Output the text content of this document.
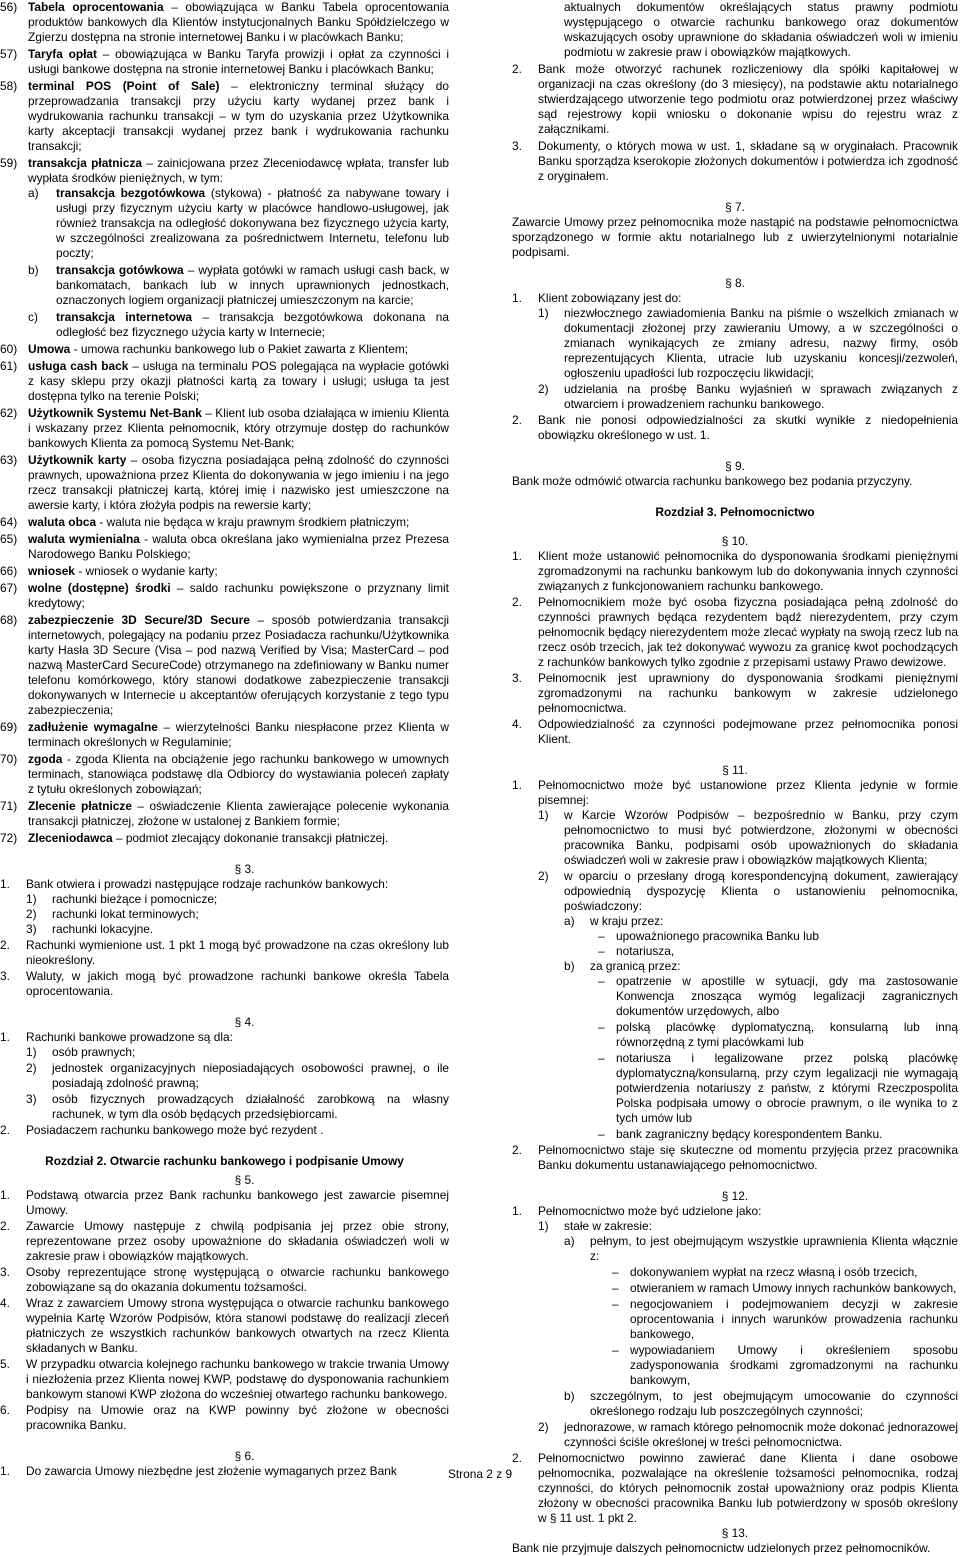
56) Tabela oprocentowania – obowiązująca w Banku Tabela oprocentowania produktów bankowych dla Klientów instytucjonalnych Banku Spółdzielczego w Zgierzu dostępna na stronie internetowej Banku i w placówkach Banku;
57) Taryfa opłat – obowiązująca w Banku Taryfa prowizji i opłat za czynności i usługi bankowe dostępna na stronie internetowej Banku i placówkach Banku;
58) terminal POS (Point of Sale) – elektroniczny terminal służący do przeprowadzania transakcji przy użyciu karty wydanej przez bank i wydrukowania rachunku transakcji – w tym do uzyskania przez Użytkownika karty akceptacji transakcji wydanej przez bank i wydrukowania rachunku transakcji;
59) transakcja płatnicza – zainicjowana przez Zleceniodawcę wpłata, transfer lub wypłata środków pieniężnych, w tym:
a) transakcja bezgotówkowa (stykowa) - płatność za nabywane towary i usługi przy fizycznym użyciu karty w placówce handlowo-usługowej, jak również transakcja na odległość dokonywana bez fizycznego użycia karty, w szczególności zrealizowana za pośrednictwem Internetu, telefonu lub poczty;
b) transakcja gotówkowa – wypłata gotówki w ramach usługi cash back, w bankomatach, bankach lub w innych uprawnionych jednostkach, oznaczonych logiem organizacji płatniczej umieszczonym na karcie;
c) transakcja internetowa – transakcja bezgotówkowa dokonana na odległość bez fizycznego użycia karty w Internecie;
60) Umowa - umowa rachunku bankowego lub o Pakiet zawarta z Klientem;
61) usługa cash back – usługa na terminalu POS polegająca na wypłacie gotówki z kasy sklepu przy okazji płatności kartą za towary i usługi; usługa ta jest dostępna tylko na terenie Polski;
62) Użytkownik Systemu Net-Bank – Klient lub osoba działająca w imieniu Klienta i wskazany przez Klienta pełnomocnik, który otrzymuje dostęp do rachunków bankowych Klienta za pomocą Systemu Net-Bank;
63) Użytkownik karty – osoba fizyczna posiadająca pełną zdolność do czynności prawnych, upoważniona przez Klienta do dokonywania w jego imieniu i na jego rzecz transakcji płatniczej kartą, której imię i nazwisko jest umieszczone na awersie karty, i która złożyła podpis na rewersie karty;
64) waluta obca - waluta nie będąca w kraju prawnym środkiem płatniczym;
65) waluta wymienialna - waluta obca określana jako wymienialna przez Prezesa Narodowego Banku Polskiego;
66) wniosek - wniosek o wydanie karty;
67) wolne (dostępne) środki – saldo rachunku powiększone o przyznany limit kredytowy;
68) zabezpieczenie 3D Secure/3D Secure – sposób potwierdzania transakcji internetowych, polegający na podaniu przez Posiadacza rachunku/Użytkownika karty Hasła 3D Secure (Visa – pod nazwą Verified by Visa; MasterCard – pod nazwą MasterCard SecureCode) otrzymanego na zdefiniowany w Banku numer telefonu komórkowego, który stanowi dodatkowe zabezpieczenie transakcji dokonywanych w Internecie u akceptantów oferujących korzystanie z tego typu zabezpieczenia;
69) zadłużenie wymagalne – wierzytelności Banku niespłacone przez Klienta w terminach określonych w Regulaminie;
70) zgoda - zgoda Klienta na obciążenie jego rachunku bankowego w umownych terminach, stanowiąca podstawę dla Odbiorcy do wystawiania poleceń zapłaty z tytułu określonych zobowiązań;
71) Zlecenie płatnicze – oświadczenie Klienta zawierające polecenie wykonania transakcji płatniczej, złożone w ustalonej z Bankiem formie;
72) Zleceniodawca – podmiot zlecający dokonanie transakcji płatniczej.
§ 3.
1. Bank otwiera i prowadzi następujące rodzaje rachunków bankowych:
1) rachunki bieżące i pomocnicze;
2) rachunki lokat terminowych;
3) rachunki lokacyjne.
2. Rachunki wymienione ust. 1 pkt 1 mogą być prowadzone na czas określony lub nieokreślony.
3. Waluty, w jakich mogą być prowadzone rachunki bankowe określa Tabela oprocentowania.
§ 4.
1. Rachunki bankowe prowadzone są dla:
1) osób prawnych;
2) jednostek organizacyjnych nieposiadających osobowości prawnej, o ile posiadają zdolność prawną;
3) osób fizycznych prowadzących działalność zarobkową na własny rachunek, w tym dla osób będących przedsiębiorcami.
2. Posiadaczem rachunku bankowego może być rezydent .
Rozdział 2. Otwarcie rachunku bankowego i podpisanie Umowy
§ 5.
1. Podstawą otwarcia przez Bank rachunku bankowego jest zawarcie pisemnej Umowy.
2. Zawarcie Umowy następuje z chwilą podpisania jej przez obie strony, reprezentowane przez osoby upoważnione do składania oświadczeń woli w zakresie praw i obowiązków majątkowych.
3. Osoby reprezentujące stronę występującą o otwarcie rachunku bankowego zobowiązane są do okazania dokumentu tożsamości.
4. Wraz z zawarciem Umowy strona występująca o otwarcie rachunku bankowego wypełnia Kartę Wzorów Podpisów, która stanowi podstawę do realizacji zleceń płatniczych ze wszystkich rachunków bankowych otwartych na rzecz Klienta składanych w Banku.
5. W przypadku otwarcia kolejnego rachunku bankowego w trakcie trwania Umowy i niezłożenia przez Klienta nowej KWP, podstawę do dysponowania rachunkiem bankowym stanowi KWP złożona do wcześniej otwartego rachunku bankowego.
6. Podpisy na Umowie oraz na KWP powinny być złożone w obecności pracownika Banku.
§ 6.
1. Do zawarcia Umowy niezbędne jest złożenie wymaganych przez Bank
aktualnych dokumentów określających status prawny podmiotu występującego o otwarcie rachunku bankowego oraz dokumentów wskazujących osoby uprawnione do składania oświadczeń woli w imieniu podmiotu w zakresie praw i obowiązków majątkowych.
2. Bank może otworzyć rachunek rozliczeniowy dla spółki kapitałowej w organizacji na czas określony (do 3 miesięcy), na podstawie aktu notarialnego stwierdzającego utworzenie tego podmiotu oraz potwierdzonej przez właściwy sąd rejestrowy kopii wniosku o dokonanie wpisu do rejestru wraz z załącznikami.
3. Dokumenty, o których mowa w ust. 1, składane są w oryginałach. Pracownik Banku sporządza kserokopie złożonych dokumentów i potwierdza ich zgodność z oryginałem.
§ 7.
Zawarcie Umowy przez pełnomocnika może nastąpić na podstawie pełnomocnictwa sporządzonego w formie aktu notarialnego lub z uwierzytelnionymi notarialnie podpisami.
§ 8.
1. Klient zobowiązany jest do:
1) niezwłocznego zawiadomienia Banku na piśmie o wszelkich zmianach w dokumentacji złożonej przy zawieraniu Umowy, a w szczególności o zmianach wynikających ze zmiany adresu, nazwy firmy, osób reprezentujących Klienta, utracie lub uzyskaniu koncesji/zezwoleń, ogłoszeniu upadłości lub rozpoczęciu likwidacji;
2) udzielania na prośbę Banku wyjaśnień w sprawach związanych z otwarciem i prowadzeniem rachunku bankowego.
2. Bank nie ponosi odpowiedzialności za skutki wynikłe z niedopełnienia obowiązku określonego w ust. 1.
§ 9.
Bank może odmówić otwarcia rachunku bankowego bez podania przyczyny.
Rozdział 3. Pełnomocnictwo
§ 10.
1. Klient może ustanowić pełnomocnika do dysponowania środkami pieniężnymi zgromadzonymi na rachunku bankowym lub do dokonywania innych czynności związanych z funkcjonowaniem rachunku bankowego.
2. Pełnomocnikiem może być osoba fizyczna posiadająca pełną zdolność do czynności prawnych będąca rezydentem bądź nierezydentem, przy czym pełnomocnik będący nierezydentem może zlecać wypłaty na swoją rzecz lub na rzecz osób trzecich, jak też dokonywać wywozu za granicę kwot pochodzących z rachunków bankowych tylko zgodnie z przepisami ustawy Prawo dewizowe.
3. Pełnomocnik jest uprawniony do dysponowania środkami pieniężnymi zgromadzonymi na rachunku bankowym w zakresie udzielonego pełnomocnictwa.
4. Odpowiedzialność za czynności podejmowane przez pełnomocnika ponosi Klient.
§ 11.
1. Pełnomocnictwo może być ustanowione przez Klienta jedynie w formie pisemnej:
1) w Karcie Wzorów Podpisów – bezpośrednio w Banku, przy czym pełnomocnictwo to musi być potwierdzone, złożonymi w obecności pracownika Banku, podpisami osób upoważnionych do składania oświadczeń woli w zakresie praw i obowiązków majątkowych Klienta;
2) w oparciu o przesłany drogą korespondencyjną dokument, zawierający odpowiednią dyspozycję Klienta o ustanowieniu pełnomocnika, poświadczony:
a) w kraju przez:
– upoważnionego pracownika Banku lub
– notariusza,
b) za granicą przez:
– opatrzenie w apostille w sytuacji, gdy ma zastosowanie Konwencja znosząca wymóg legalizacji zagranicznych dokumentów urzędowych, albo
– polską placówkę dyplomatyczną, konsularną lub inną równorzędną z tymi placówkami lub
– notariusza i legalizowane przez polską placówkę dyplomatyczną/konsularną, przy czym legalizacji nie wymagają potwierdzenia notariuszy z państw, z którymi Rzeczpospolita Polska podpisała umowy o obrocie prawnym, o ile wynika to z tych umów lub
– bank zagraniczny będący korespondentem Banku.
2. Pełnomocnictwo staje się skuteczne od momentu przyjęcia przez pracownika Banku dokumentu ustanawiającego pełnomocnictwo.
§ 12.
1. Pełnomocnictwo może być udzielone jako:
1) stałe w zakresie:
a) pełnym, to jest obejmującym wszystkie uprawnienia Klienta włącznie z:
– dokonywaniem wypłat na rzecz własną i osób trzecich,
– otwieraniem w ramach Umowy innych rachunków bankowych,
– negocjowaniem i podejmowaniem decyzji w zakresie oprocentowania i innych warunków prowadzenia rachunku bankowego,
– wypowiadaniem Umowy i określeniem sposobu zadysponowania środkami zgromadzonymi na rachunku bankowym,
b) szczególnym, to jest obejmującym umocowanie do czynności określonego rodzaju lub poszczególnych czynności;
2) jednorazowe, w ramach którego pełnomocnik może dokonać jednorazowej czynności ściśle określonej w treści pełnomocnictwa.
2. Pełnomocnictwo powinno zawierać dane Klienta i dane osobowe pełnomocnika, pozwalające na określenie tożsamości pełnomocnika, rodzaj czynności, do których pełnomocnik został upoważniony oraz podpis Klienta złożony w obecności pracownika Banku lub potwierdzony w sposób określony w § 11 ust. 1 pkt 2.
§ 13.
Bank nie przyjmuje dalszych pełnomocnictw udzielonych przez pełnomocników.
Strona 2 z 9
